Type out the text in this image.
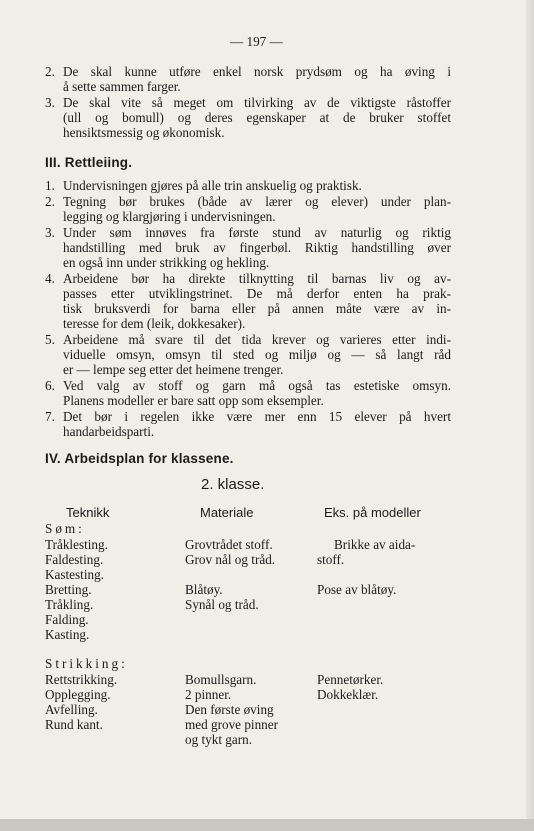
— 197 —
2. De skal kunne utføre enkel norsk prydsøm og ha øving i
å sette sammen farger.
3. De skal vite så meget om tilvirking av de viktigste råstoffer
(ull og bomull) og deres egenskaper at de bruker stoffet
hensiktsmessig og økonomisk.
III. Rettleiing.
1. Undervisningen gjøres på alle trin anskuelig og praktisk.
2. Tegning bør brukes (både av lærer og elever) under plan-
legging og klargjøring i undervisningen.
3. Under søm innøves fra første stund av naturlig og riktig
handstilling med bruk av fingerbøl. Riktig handstilling øver
en også inn under strikking og hekling.
4. Arbeidene bør ha direkte tilknytting til barnas liv og av-
passes etter utviklingstrinet. De må derfor enten ha prak-
tisk bruksverdi for barna eller på annen måte være av in-
teresse for dem (leik, dokkesaker).
5. Arbeidene må svare til det tida krever og varieres etter indi-
viduelle omsyn, omsyn til sted og miljø og — så langt råd
er — lempe seg etter det heimene trenger.
6. Ved valg av stoff og garn må også tas estetiske omsyn.
Planens modeller er bare satt opp som eksempler.
7. Det bør i regelen ikke være mer enn 15 elever på hvert
handarbeidsparti.
IV. Arbeidsplan for klassene.
2. klasse.
Teknikk	Materiale	Eks. på modeller
Søm:
Tråklesting.
Faldesting.
Kastesting.
Bretting.
Tråkling.
Falding.
Kasting.
Grovtrådet stoff.
Grov nål og tråd.
Blåtøy.
Synål og tråd.
Brikke av aida-
stoff.
Pose av blåtøy.
Strikking:
Rettstrikking.
Opplegging.
Avfelling.
Rund kant.
Bomullsgarn.
2 pinner.
Den første øving
med grove pinner
og tykt garn.
Pennetørker.
Dokkeklær.
